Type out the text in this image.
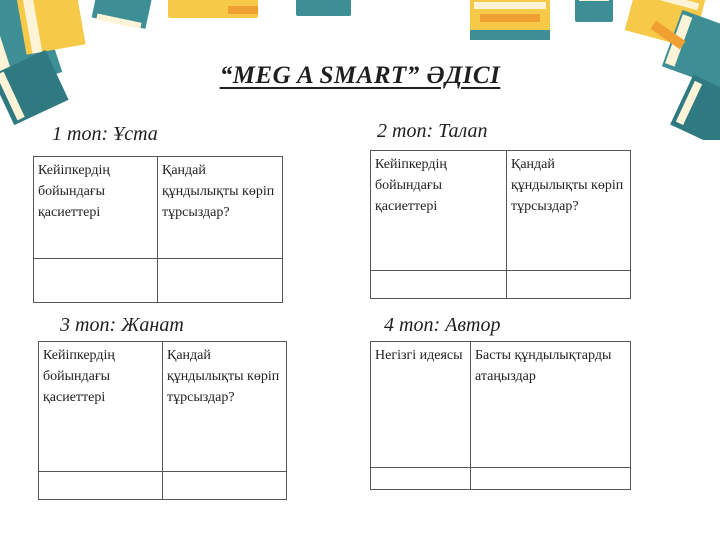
“MEG A SMART” ӘДІСІ
1 топ: Ұста
Кейіпкердің бойындағы қасиеттері	Қандай құндылықты көріп тұрсыздар?

2 топ: Талап
Кейіпкердің бойындағы қасиеттері	Қандай құндылықты көріп тұрсыздар?

3 топ: Жанат
Кейіпкердің бойындағы қасиеттері	Қандай құндылықты көріп тұрсыздар?

4 топ: Автор
Негізгі идеясы	Басты құндылықтарды атаңыздар
